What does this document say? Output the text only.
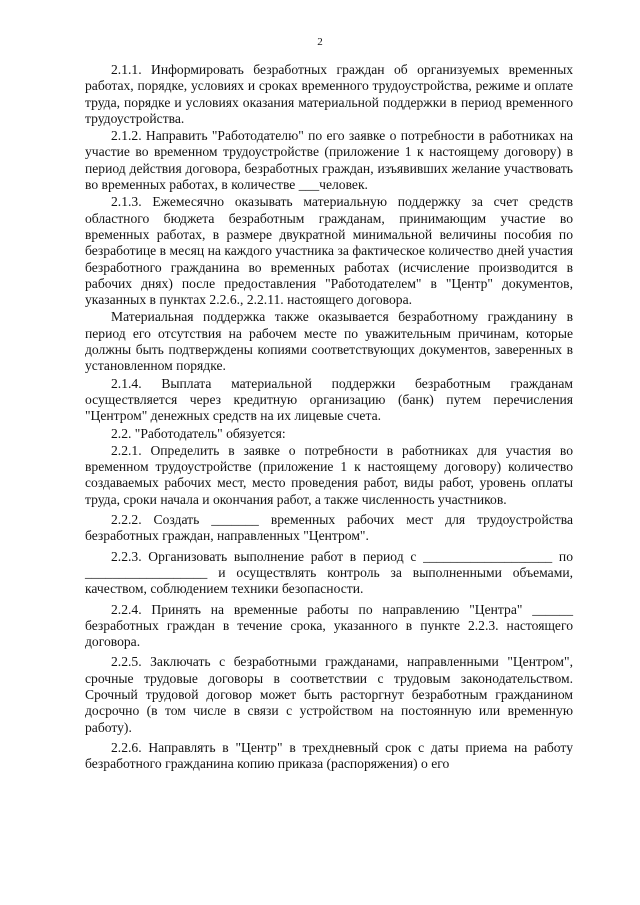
2

2.1.1. Информировать безработных граждан об организуемых временных работах, порядке, условиях и сроках временного трудоустройства, режиме и оплате труда, порядке и условиях оказания материальной поддержки в период временного трудоустройства.

2.1.2. Направить "Работодателю" по его заявке о потребности в работниках на участие во временном трудоустройстве (приложение 1 к настоящему договору) в период действия договора, безработных граждан, изъявивших желание участвовать во временных работах, в количестве ___человек.

2.1.3. Ежемесячно оказывать материальную поддержку за счет средств областного бюджета безработным гражданам, принимающим участие во временных работах, в размере двукратной минимальной величины пособия по безработице в месяц на каждого участника за фактическое количество дней участия безработного гражданина во временных работах (исчисление производится в рабочих днях) после предоставления "Работодателем" в "Центр" документов, указанных в пунктах 2.2.6., 2.2.11. настоящего договора.

Материальная поддержка также оказывается безработному гражданину в период его отсутствия на рабочем месте по уважительным причинам, которые должны быть подтверждены копиями соответствующих документов, заверенных в установленном порядке.

2.1.4. Выплата материальной поддержки безработным гражданам осуществляется через кредитную организацию (банк) путем перечисления "Центром" денежных средств на их лицевые счета.

2.2. "Работодатель" обязуется:

2.2.1. Определить в заявке о потребности в работниках для участия во временном трудоустройстве (приложение 1 к настоящему договору) количество создаваемых рабочих мест, место проведения работ, виды работ, уровень оплаты труда, сроки начала и окончания работ, а также численность участников.

2.2.2. Создать _______ временных рабочих мест для трудоустройства безработных граждан, направленных "Центром".

2.2.3. Организовать выполнение работ в период с ___________________ по __________________ и осуществлять контроль за выполненными объемами, качеством, соблюдением техники безопасности.

2.2.4. Принять на временные работы по направлению "Центра" ______ безработных граждан в течение срока, указанного в пункте 2.2.3. настоящего договора.

2.2.5. Заключать с безработными гражданами, направленными "Центром", срочные трудовые договоры в соответствии с трудовым законодательством. Срочный трудовой договор может быть расторгнут безработным гражданином досрочно (в том числе в связи с устройством на постоянную или временную работу).

2.2.6. Направлять в "Центр" в трехдневный срок с даты приема на работу безработного гражданина копию приказа (распоряжения) о его
